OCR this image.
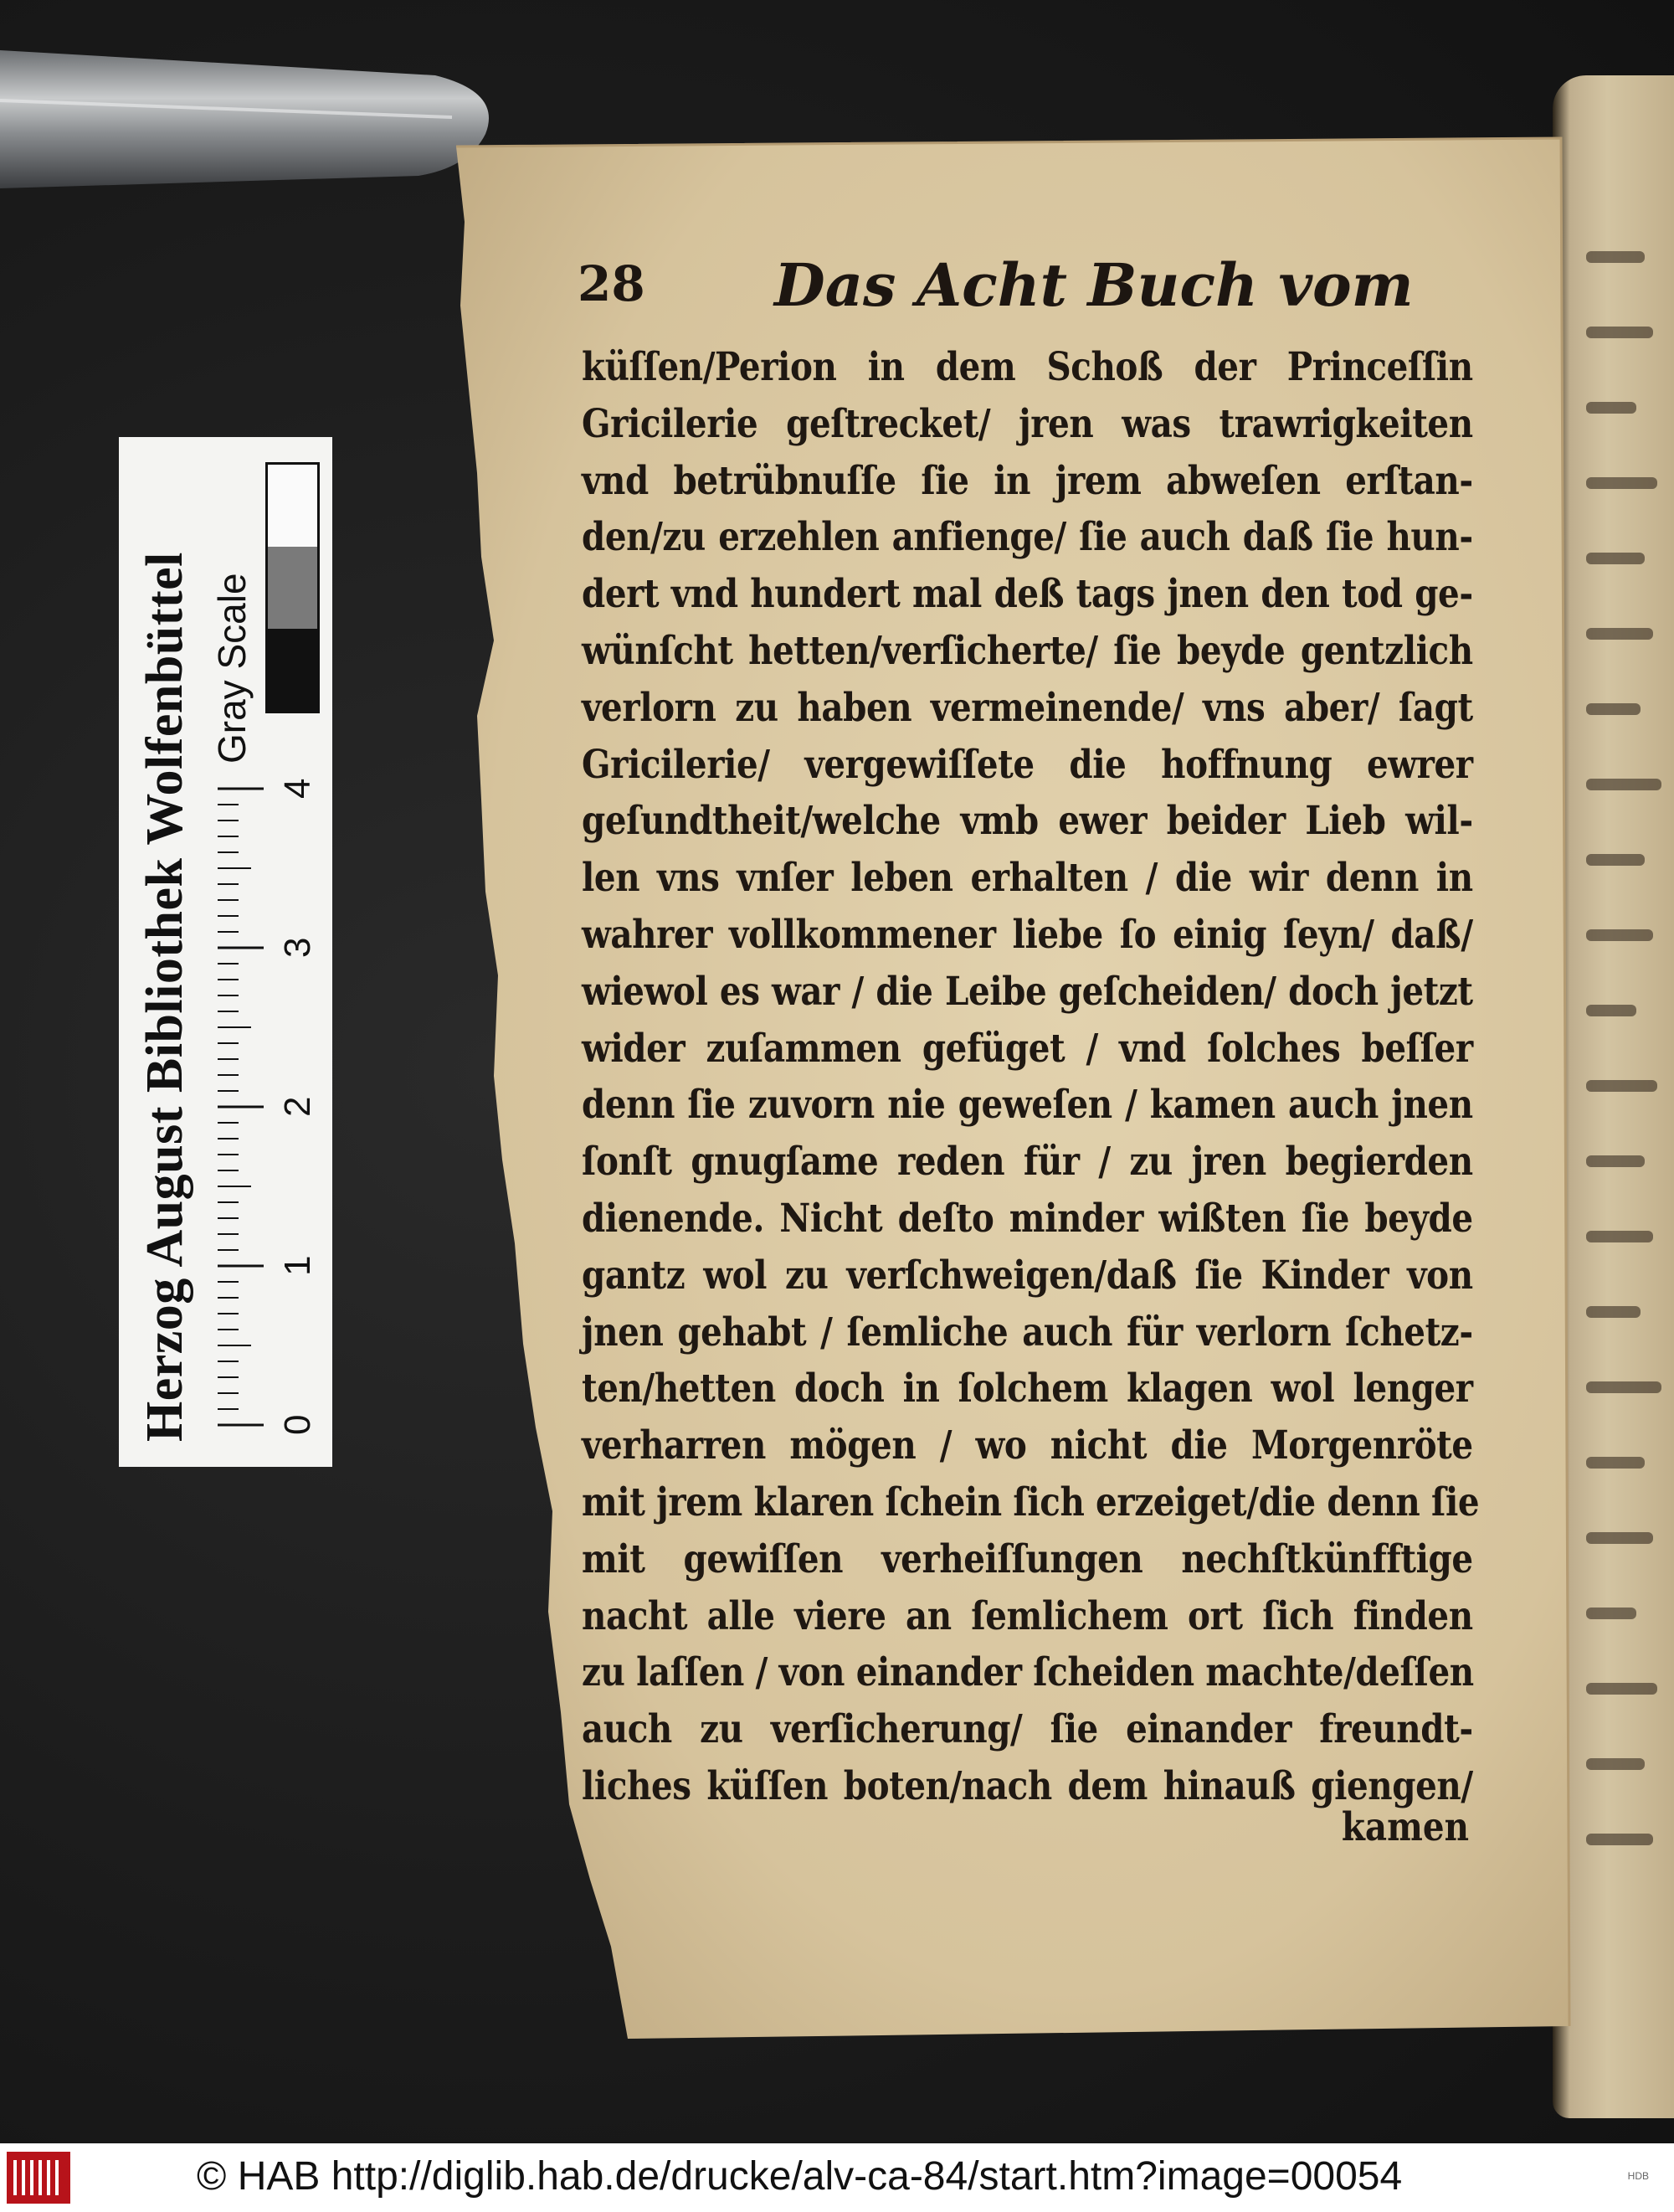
Herzog August Bibliothek Wolfenbüttel 0
1
2
3
4
Gray Scale
28 Das Acht Buch vom
küſſen/Perion in dem Schoß der Princeſſin
Gricilerie geſtrecket/ jren was trawrigkeiten
vnd betrübnuſſe ſie in jrem abweſen erſtan-
den/zu erzehlen anfienge/ ſie auch daß ſie hun-
dert vnd hundert mal deß tags jnen den tod ge-
wünſcht hetten/verſicherte/ ſie beyde gentzlich
verlorn zu haben vermeinende/ vns aber/ ſagt
Gricilerie/ vergewiſſete die hoffnung ewrer
geſundtheit/welche vmb ewer beider Lieb wil-
len vns vnſer leben erhalten / die wir denn in
wahrer vollkommener liebe ſo einig ſeyn/ daß/
wiewol es war / die Leibe geſcheiden/ doch jetzt
wider zuſammen gefüget / vnd ſolches beſſer
denn ſie zuvorn nie geweſen / kamen auch jnen
ſonſt gnugſame reden für / zu jren begierden
dienende. Nicht deſto minder wißten ſie beyde
gantz wol zu verſchweigen/daß ſie Kinder von
jnen gehabt / ſemliche auch für verlorn ſchetz-
ten/hetten doch in ſolchem klagen wol lenger
verharren mögen / wo nicht die Morgenröte
mit jrem klaren ſchein ſich erzeiget/die denn ſie
mit gewiſſen verheiſſungen nechſtkünfftige
nacht alle viere an ſemlichem ort ſich finden
zu laſſen / von einander ſcheiden machte/deſſen
auch zu verſicherung/ ſie einander freundt-
liches küſſen boten/nach dem hinauß giengen/
kamen
© HAB http://diglib.hab.de/drucke/alv-ca-84/start.htm?image=00054	HDB
